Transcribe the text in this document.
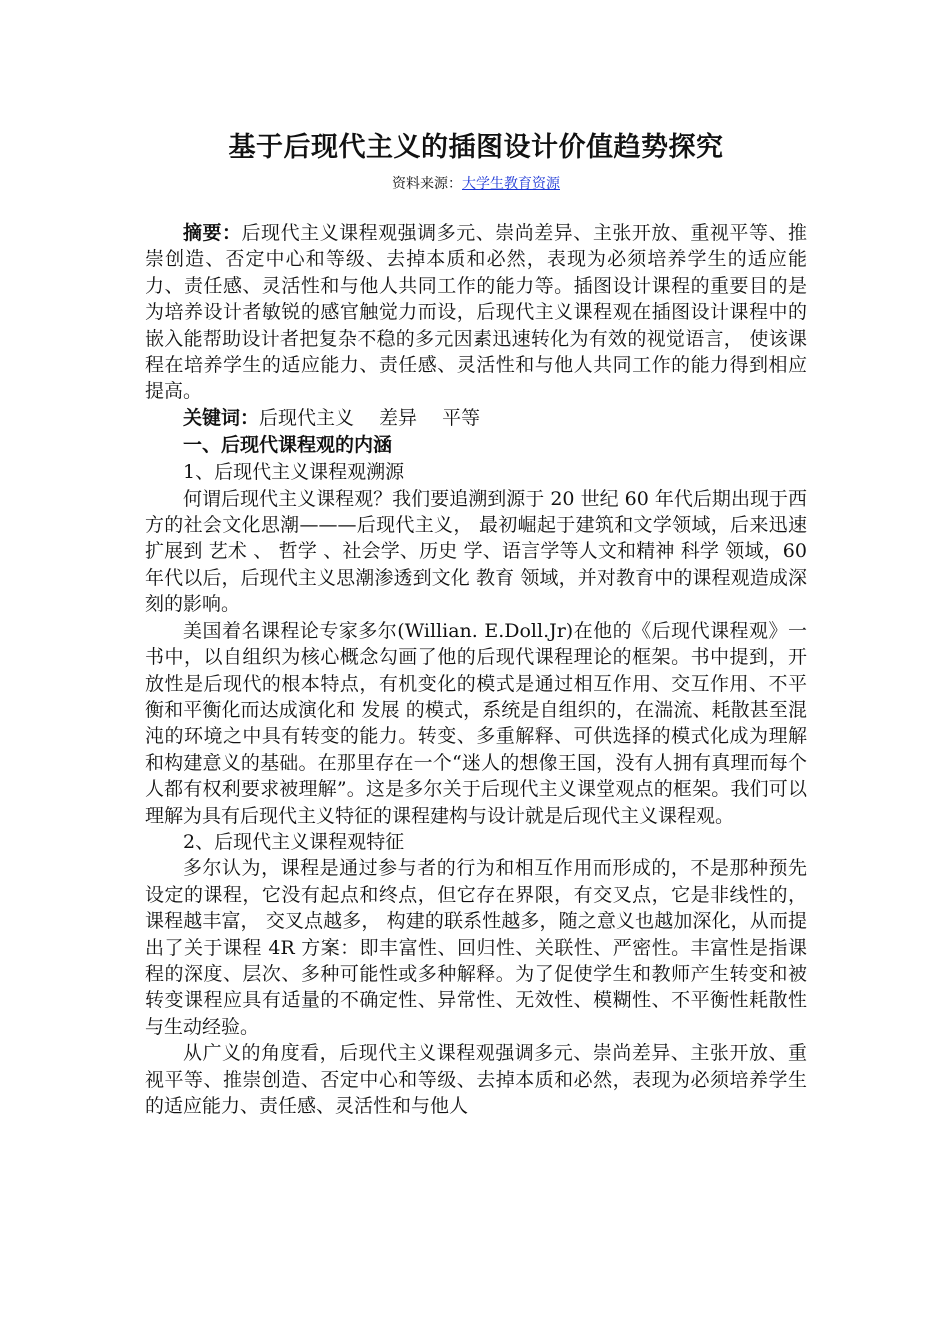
基于后现代主义的插图设计价值趋势探究
资料来源：大学生教育资源

摘要：后现代主义课程观强调多元、崇尚差异、主张开放、重视平等、推崇创造、否定中心和等级、去掉本质和必然，表现为必须培养学生的适应能力、责任感、灵活性和与他人共同工作的能力等。插图设计课程的重要目的是为培养设计者敏锐的感官触觉力而设，后现代主义课程观在插图设计课程中的嵌入能帮助设计者把复杂不稳的多元因素迅速转化为有效的视觉语言， 使该课程在培养学生的适应能力、责任感、灵活性和与他人共同工作的能力得到相应提高。

关键词：后现代主义　 差异　 平等

一、后现代课程观的内涵

1、后现代主义课程观溯源

何谓后现代主义课程观？我们要追溯到源于 20 世纪 60 年代后期出现于西方的社会文化思潮———后现代主义， 最初崛起于建筑和文学领域，后来迅速扩展到 艺术 、 哲学 、社会学、历史 学、语言学等人文和精神 科学 领域，60 年代以后，后现代主义思潮渗透到文化 教育 领域，并对教育中的课程观造成深刻的影响。

美国着名课程论专家多尔(Willian. E.Doll.Jr)在他的《后现代课程观》一书中，以自组织为核心概念勾画了他的后现代课程理论的框架。书中提到，开放性是后现代的根本特点，有机变化的模式是通过相互作用、交互作用、不平衡和平衡化而达成演化和 发展 的模式，系统是自组织的，在湍流、耗散甚至混沌的环境之中具有转变的能力。转变、多重解释、可供选择的模式化成为理解和构建意义的基础。在那里存在一个“迷人的想像王国，没有人拥有真理而每个人都有权利要求被理解”。这是多尔关于后现代主义课堂观点的框架。我们可以理解为具有后现代主义特征的课程建构与设计就是后现代主义课程观。

2、后现代主义课程观特征

多尔认为，课程是通过参与者的行为和相互作用而形成的，不是那种预先设定的课程，它没有起点和终点，但它存在界限，有交叉点，它是非线性的，课程越丰富， 交叉点越多， 构建的联系性越多，随之意义也越加深化，从而提出了关于课程 4R 方案：即丰富性、回归性、关联性、严密性。丰富性是指课程的深度、层次、多种可能性或多种解释。为了促使学生和教师产生转变和被转变课程应具有适量的不确定性、异常性、无效性、模糊性、不平衡性耗散性与生动经验。

从广义的角度看，后现代主义课程观强调多元、崇尚差异、主张开放、重视平等、推崇创造、否定中心和等级、去掉本质和必然，表现为必须培养学生的适应能力、责任感、灵活性和与他人
